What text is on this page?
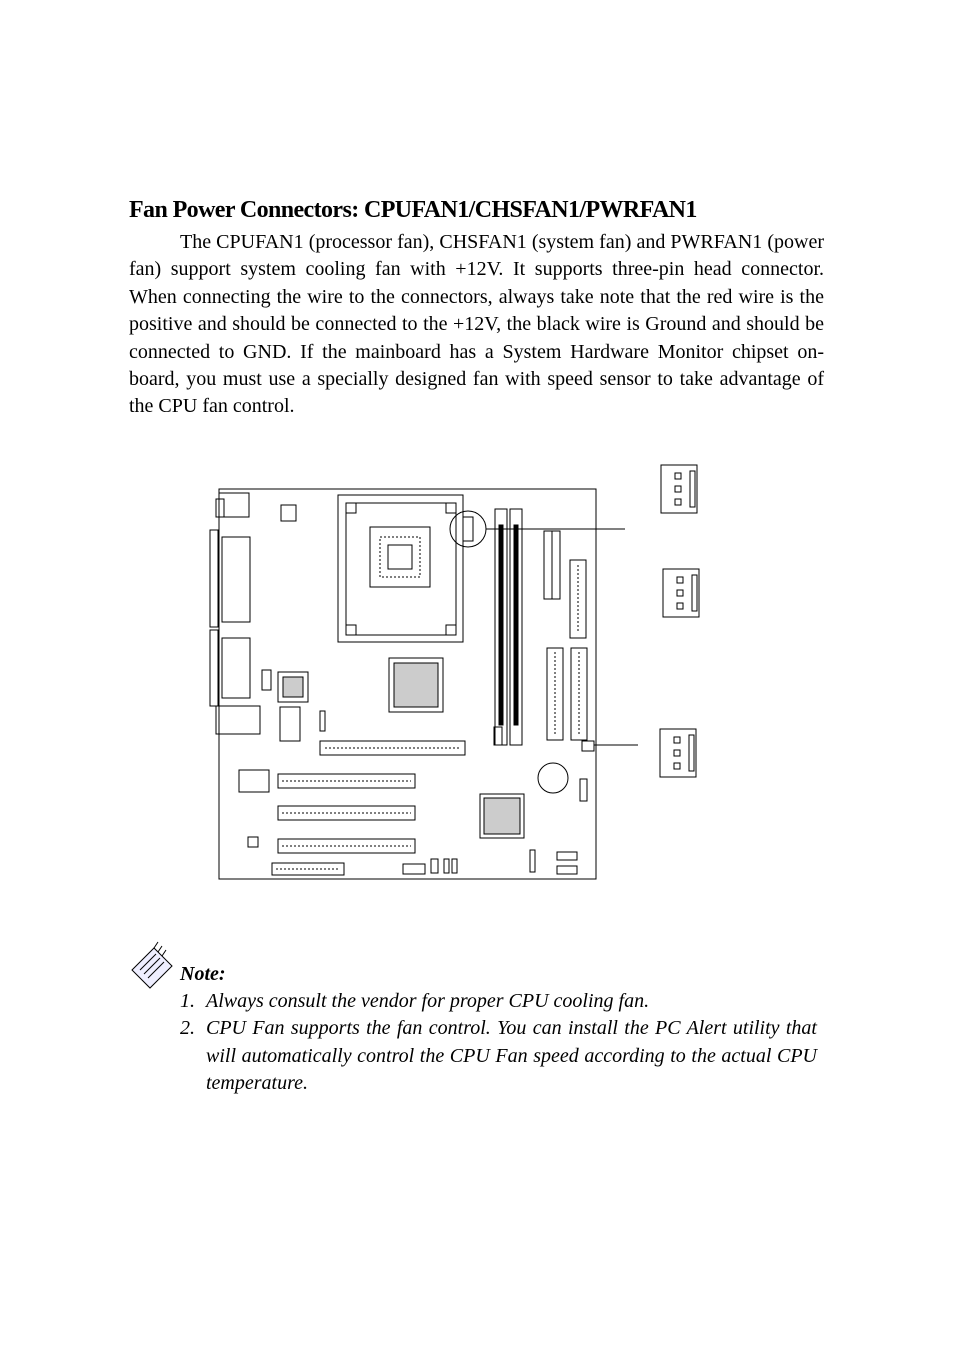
Fan Power Connectors: CPUFAN1/CHSFAN1/PWRFAN1

The CPUFAN1 (processor fan), CHSFAN1 (system fan) and PWRFAN1 (power fan) support system cooling fan with +12V. It supports three-pin head connector. When connecting the wire to the connectors, always take note that the red wire is the positive and should be connected to the +12V, the black wire is Ground and should be connected to GND. If the mainboard has a System Hardware Monitor chipset on-board, you must use a specially designed fan with speed sensor to take advantage of the CPU fan control.

Note:
1. Always consult the vendor for proper CPU cooling fan.
2. CPU Fan supports the fan control. You can install the PC Alert utility that will automatically control the CPU Fan speed according to the actual CPU temperature.
